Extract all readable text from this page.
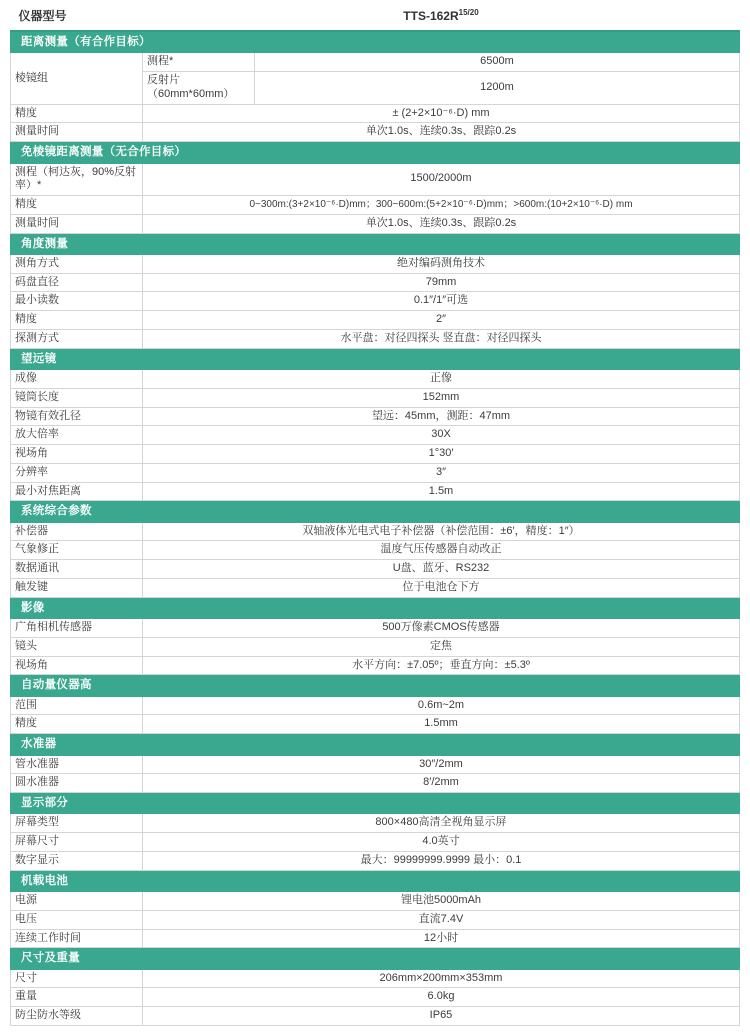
仪器型号	TTS-$162R^{15/20}$
距离测量（有合作目标）		
棱镜组	测程*	6500m
	反射片（60mm*60mm）	1200m
精度	± (2+2×10⁻⁶·D) mm	
测量时间	单次1.0s、连续0.3s、跟踪0.2s	
免棱镜距离测量（无合作目标）		
测程（柯达灰，90%反射率）*	1500/2000m	
精度	0~300m:(3+2×10⁻⁶·D)mm；300~600m:(5+2×10⁻⁶·D)mm；>600m:(10+2×10⁻⁶·D) mm	
测量时间	单次1.0s、连续0.3s、跟踪0.2s	
角度测量		
测角方式	绝对编码测角技术	
码盘直径	79mm	
最小读数	0.1″/1″可选	
精度	2″	
探测方式	水平盘：对径四探头 竖直盘：对径四探头	
望远镜		
成像	正像	
镜筒长度	152mm	
物镜有效孔径	望远：45mm，测距：47mm	
放大倍率	30X	
视场角	1°30′	
分辨率	3″	
最小对焦距离	1.5m	
系统综合参数		
补偿器	双轴液体光电式电子补偿器（补偿范围：±6′，精度：1″）	
气象修正	温度气压传感器自动改正	
数据通讯	U盘、蓝牙、RS232	
触发键	位于电池仓下方	
影像		
广角相机传感器	500万像素CMOS传感器	
镜头	定焦	
视场角	水平方向：±7.05º；垂直方向：±5.3º	
自动量仪器高		
范围	0.6m~2m	
精度	1.5mm	
水准器		
管水准器	30″/2mm	
圆水准器	8′/2mm	
显示部分		
屏幕类型	800×480高清全视角显示屏	
屏幕尺寸	4.0英寸	
数字显示	最大：99999999.9999 最小：0.1	
机载电池		
电源	锂电池5000mAh	
电压	直流7.4V	
连续工作时间	12小时	
尺寸及重量		
尺寸	206mm×200mm×353mm	
重量	6.0kg	
防尘防水等级	IP65	
